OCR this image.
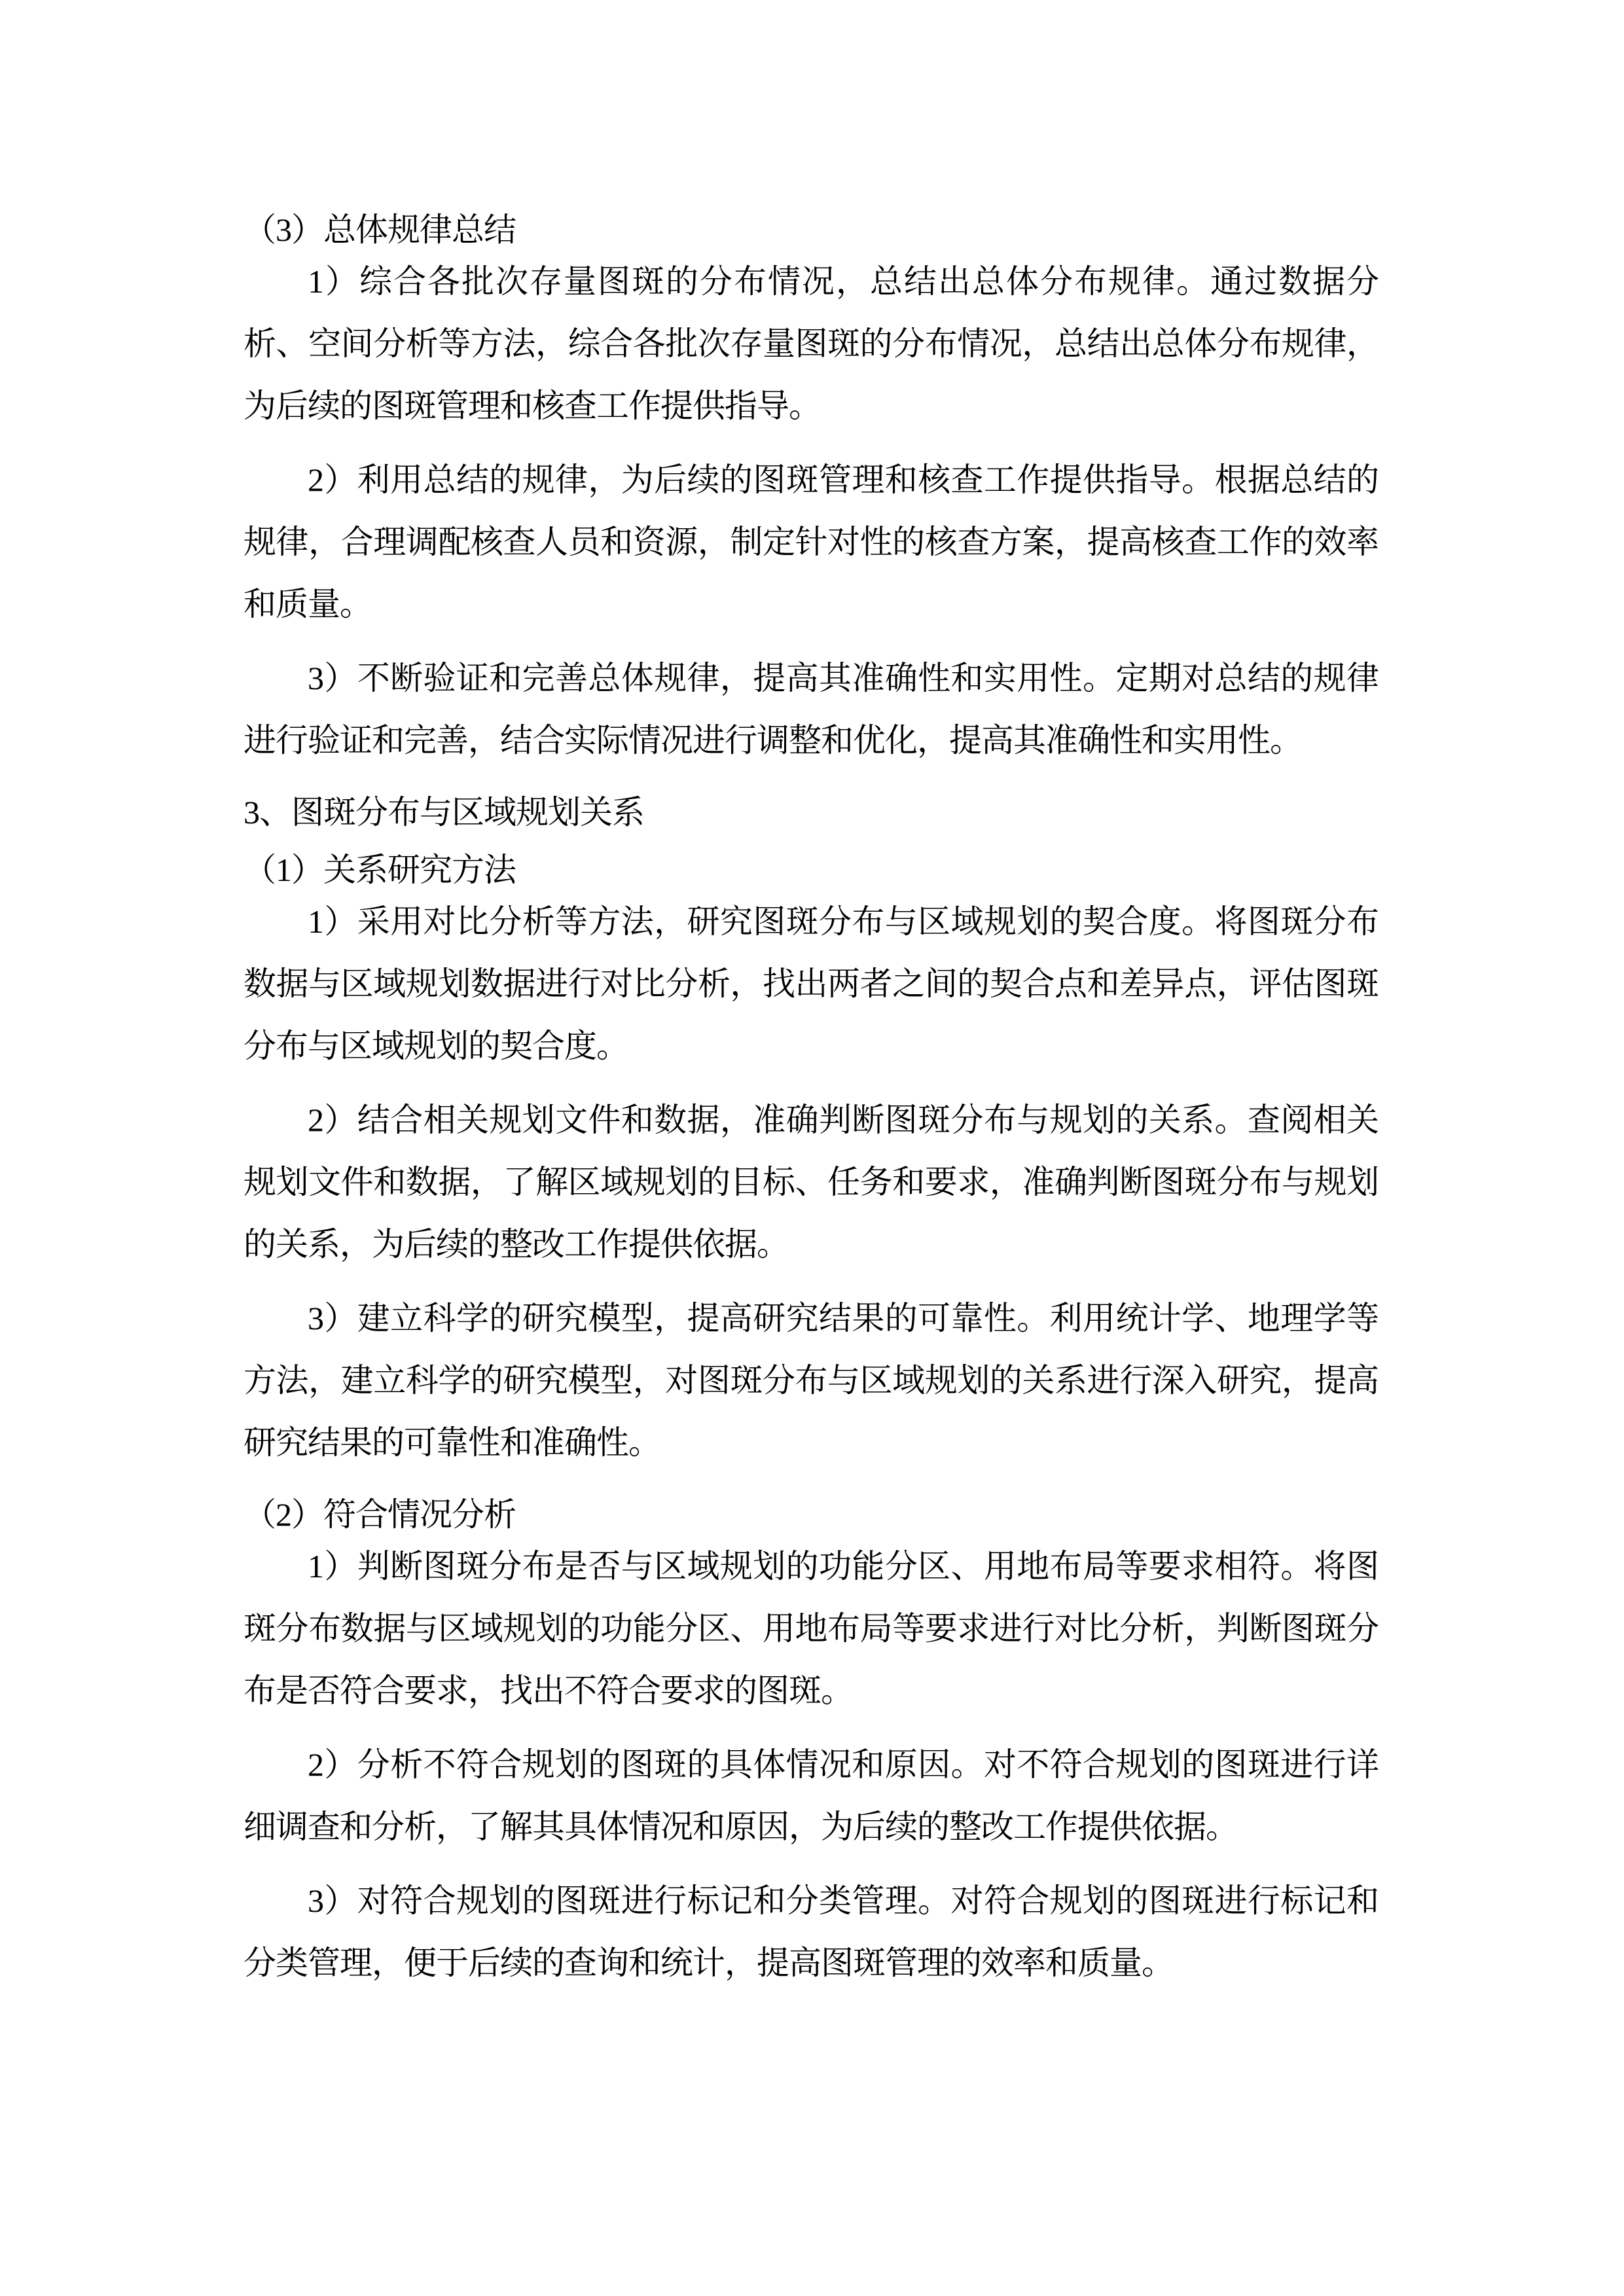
（3）总体规律总结

1）综合各批次存量图斑的分布情况，总结出总体分布规律。通过数据分析、空间分析等方法，综合各批次存量图斑的分布情况，总结出总体分布规律，为后续的图斑管理和核查工作提供指导。

2）利用总结的规律，为后续的图斑管理和核查工作提供指导。根据总结的规律，合理调配核查人员和资源，制定针对性的核查方案，提高核查工作的效率和质量。

3）不断验证和完善总体规律，提高其准确性和实用性。定期对总结的规律进行验证和完善，结合实际情况进行调整和优化，提高其准确性和实用性。

3、图斑分布与区域规划关系

（1）关系研究方法

1）采用对比分析等方法，研究图斑分布与区域规划的契合度。将图斑分布数据与区域规划数据进行对比分析，找出两者之间的契合点和差异点，评估图斑分布与区域规划的契合度。

2）结合相关规划文件和数据，准确判断图斑分布与规划的关系。查阅相关规划文件和数据，了解区域规划的目标、任务和要求，准确判断图斑分布与规划的关系，为后续的整改工作提供依据。

3）建立科学的研究模型，提高研究结果的可靠性。利用统计学、地理学等方法，建立科学的研究模型，对图斑分布与区域规划的关系进行深入研究，提高研究结果的可靠性和准确性。

（2）符合情况分析

1）判断图斑分布是否与区域规划的功能分区、用地布局等要求相符。将图斑分布数据与区域规划的功能分区、用地布局等要求进行对比分析，判断图斑分布是否符合要求，找出不符合要求的图斑。

2）分析不符合规划的图斑的具体情况和原因。对不符合规划的图斑进行详细调查和分析，了解其具体情况和原因，为后续的整改工作提供依据。

3）对符合规划的图斑进行标记和分类管理。对符合规划的图斑进行标记和分类管理，便于后续的查询和统计，提高图斑管理的效率和质量。
